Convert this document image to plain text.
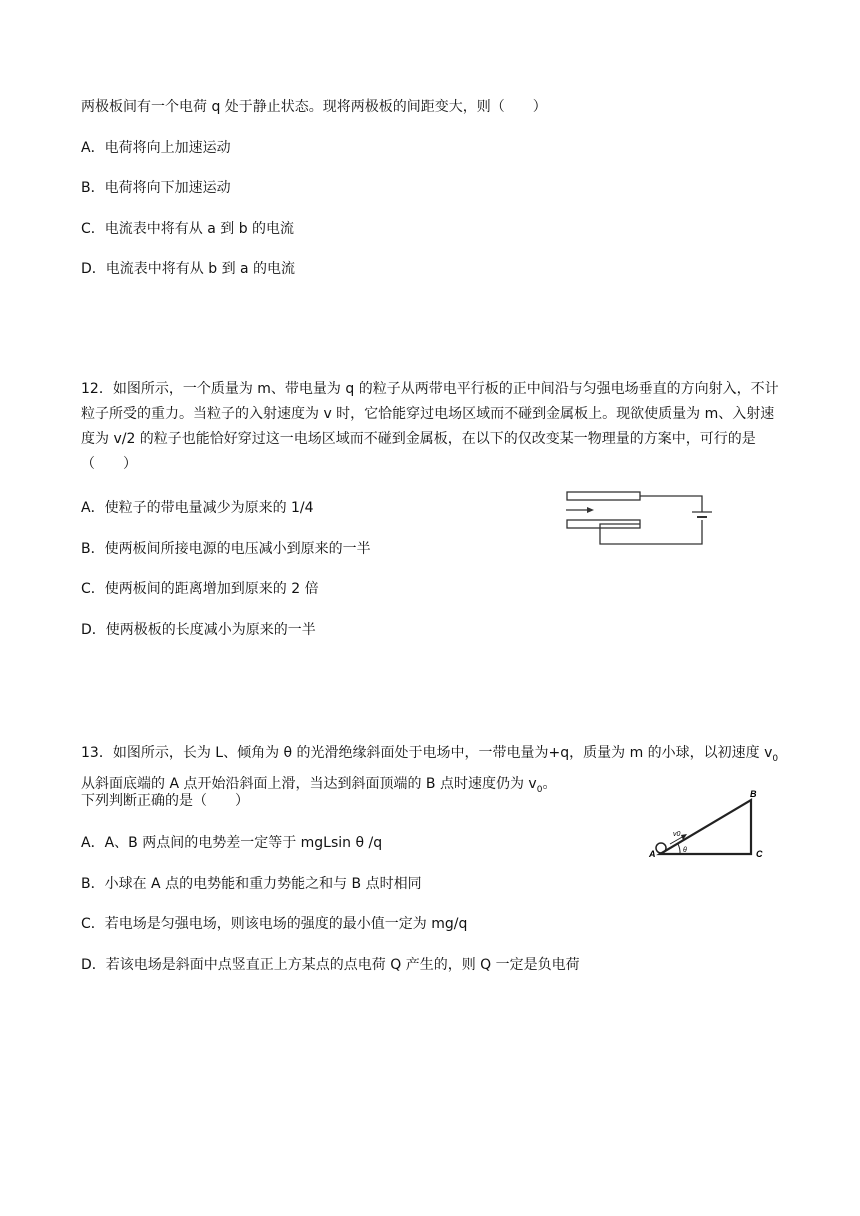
两极板间有一个电荷 q 处于静止状态。现将两极板的间距变大，则（　　）
A．电荷将向上加速运动
B．电荷将向下加速运动
C．电流表中将有从 a 到 b 的电流
D．电流表中将有从 b 到 a 的电流
12．如图所示，一个质量为 m、带电量为 q 的粒子从两带电平行板的正中间沿与匀强电场垂直的方向射入，不计粒子所受的重力。当粒子的入射速度为 v 时，它恰能穿过电场区域而不碰到金属板上。现欲使质量为 m、入射速度为 v/2 的粒子也能恰好穿过这一电场区域而不碰到金属板，在以下的仅改变某一物理量的方案中，可行的是（　　）
A．使粒子的带电量减少为原来的 1/4
B．使两板间所接电源的电压减小到原来的一半
C．使两板间的距离增加到原来的 2 倍
D．使两极板的长度减小为原来的一半
13．如图所示，长为 L、倾角为 θ 的光滑绝缘斜面处于电场中，一带电量为+q，质量为 m 的小球，以初速度 $v_0$从斜面底端的 A 点开始沿斜面上滑，当达到斜面顶端的 B 点时速度仍为 $v_0$。
下列判断正确的是（　　）
A．A、B 两点间的电势差一定等于 mgLsin θ /q
B．小球在 A 点的电势能和重力势能之和与 B 点时相同
C．若电场是匀强电场，则该电场的强度的最小值一定为 mg/q
D．若该电场是斜面中点竖直正上方某点的点电荷 Q 产生的，则 Q 一定是负电荷
A
B
C
v0
θ
